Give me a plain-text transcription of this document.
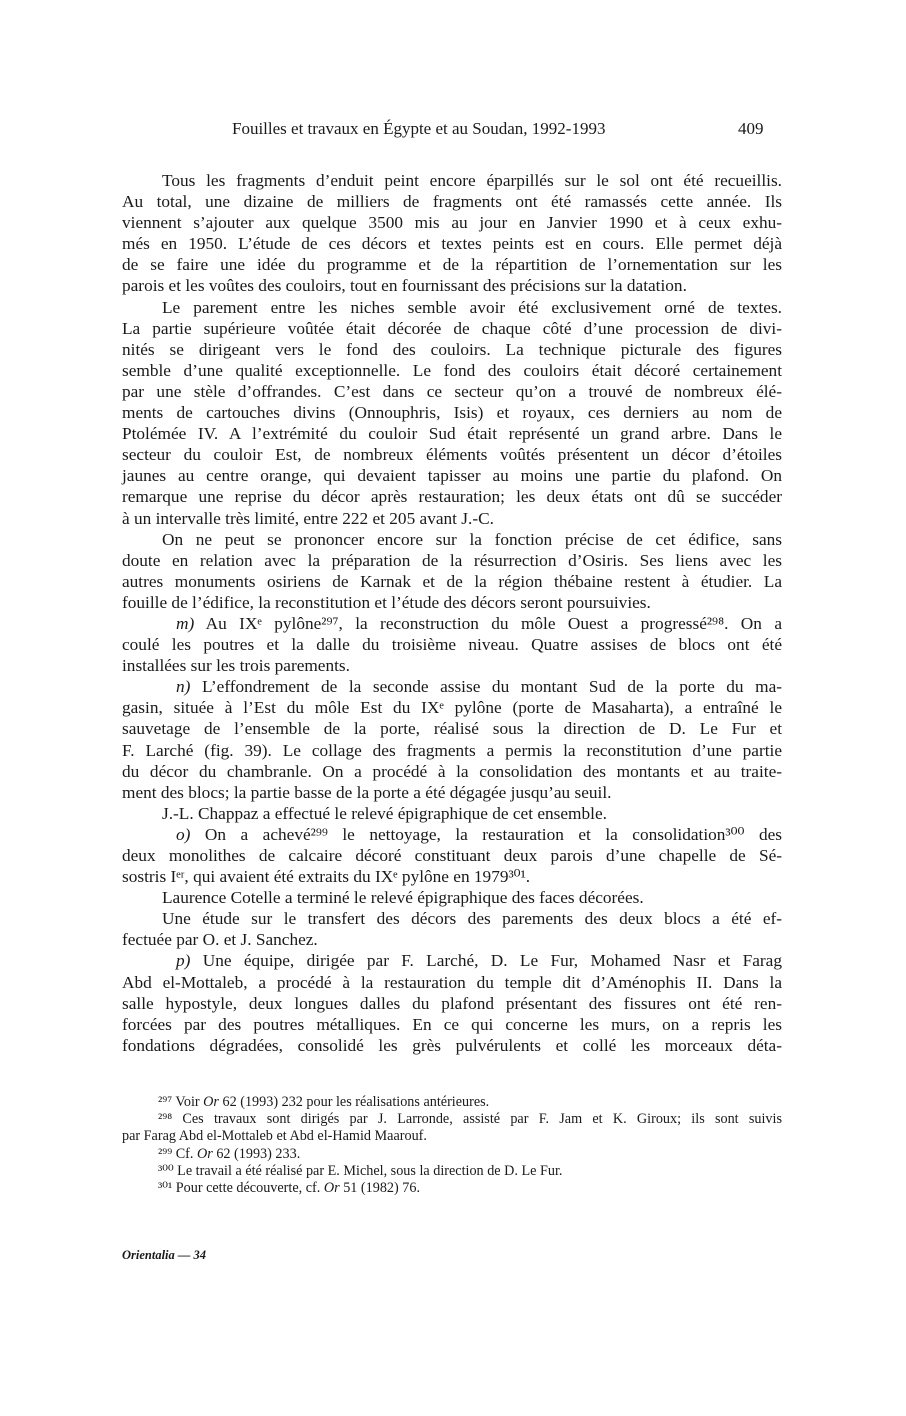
Fouilles et travaux en Égypte et au Soudan, 1992-1993	409
Tous les fragments d’enduit peint encore éparpillés sur le sol ont été recueillis.
Au total, une dizaine de milliers de fragments ont été ramassés cette année. Ils
viennent s’ajouter aux quelque 3500 mis au jour en Janvier 1990 et à ceux exhu-
més en 1950. L’étude de ces décors et textes peints est en cours. Elle permet déjà
de se faire une idée du programme et de la répartition de l’ornementation sur les
parois et les voûtes des couloirs, tout en fournissant des précisions sur la datation.
Le parement entre les niches semble avoir été exclusivement orné de textes.
La partie supérieure voûtée était décorée de chaque côté d’une procession de divi-
nités se dirigeant vers le fond des couloirs. La technique picturale des figures
semble d’une qualité exceptionnelle. Le fond des couloirs était décoré certainement
par une stèle d’offrandes. C’est dans ce secteur qu’on a trouvé de nombreux élé-
ments de cartouches divins (Onnouphris, Isis) et royaux, ces derniers au nom de
Ptolémée IV. A l’extrémité du couloir Sud était représenté un grand arbre. Dans le
secteur du couloir Est, de nombreux éléments voûtés présentent un décor d’étoiles
jaunes au centre orange, qui devaient tapisser au moins une partie du plafond. On
remarque une reprise du décor après restauration; les deux états ont dû se succéder
à un intervalle très limité, entre 222 et 205 avant J.-C.
On ne peut se prononcer encore sur la fonction précise de cet édifice, sans
doute en relation avec la préparation de la résurrection d’Osiris. Ses liens avec les
autres monuments osiriens de Karnak et de la région thébaine restent à étudier. La
fouille de l’édifice, la reconstitution et l’étude des décors seront poursuivies.
m) Au IXᵉ pylône²⁹⁷, la reconstruction du môle Ouest a progressé²⁹⁸. On a
coulé les poutres et la dalle du troisième niveau. Quatre assises de blocs ont été
installées sur les trois parements.
n) L’effondrement de la seconde assise du montant Sud de la porte du ma-
gasin, située à l’Est du môle Est du IXᵉ pylône (porte de Masaharta), a entraîné le
sauvetage de l’ensemble de la porte, réalisé sous la direction de D. Le Fur et
F. Larché (fig. 39). Le collage des fragments a permis la reconstitution d’une partie
du décor du chambranle. On a procédé à la consolidation des montants et au traite-
ment des blocs; la partie basse de la porte a été dégagée jusqu’au seuil.
J.-L. Chappaz a effectué le relevé épigraphique de cet ensemble.
o) On a achevé²⁹⁹ le nettoyage, la restauration et la consolidation³⁰⁰ des
deux monolithes de calcaire décoré constituant deux parois d’une chapelle de Sé-
sostris Iᵉʳ, qui avaient été extraits du IXᵉ pylône en 1979³⁰¹.
Laurence Cotelle a terminé le relevé épigraphique des faces décorées.
Une étude sur le transfert des décors des parements des deux blocs a été ef-
fectuée par O. et J. Sanchez.
p) Une équipe, dirigée par F. Larché, D. Le Fur, Mohamed Nasr et Farag
Abd el-Mottaleb, a procédé à la restauration du temple dit d’Aménophis II. Dans la
salle hypostyle, deux longues dalles du plafond présentant des fissures ont été ren-
forcées par des poutres métalliques. En ce qui concerne les murs, on a repris les
fondations dégradées, consolidé les grès pulvérulents et collé les morceaux déta-
²⁹⁷ Voir Or 62 (1993) 232 pour les réalisations antérieures.
²⁹⁸ Ces travaux sont dirigés par J. Larronde, assisté par F. Jam et K. Giroux; ils sont suivis
par Farag Abd el-Mottaleb et Abd el-Hamid Maarouf.
²⁹⁹ Cf. Or 62 (1993) 233.
³⁰⁰ Le travail a été réalisé par E. Michel, sous la direction de D. Le Fur.
³⁰¹ Pour cette découverte, cf. Or 51 (1982) 76.
Orientalia — 34
